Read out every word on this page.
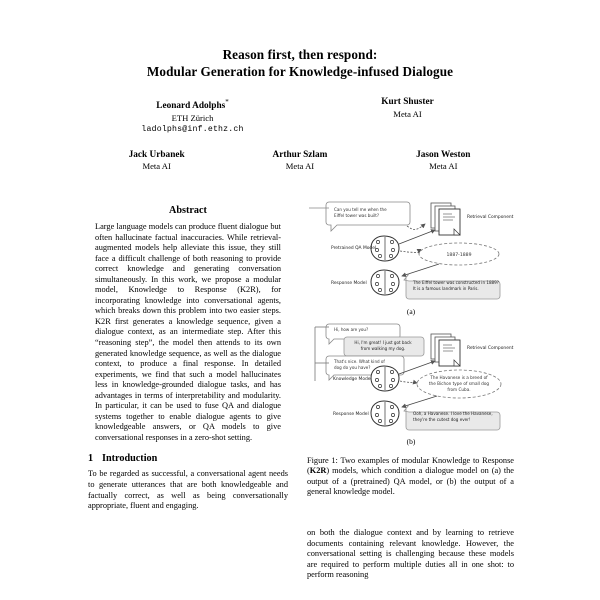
Reason first, then respond:
Modular Generation for Knowledge-infused Dialogue
Leonard Adolphs*
ETH Zürich
ladolphs@inf.ethz.ch
Kurt Shuster
Meta AI
Jack Urbanek
Meta AI
Arthur Szlam
Meta AI
Jason Weston
Meta AI
Abstract

Large language models can produce fluent dialogue but often hallucinate factual inaccuracies. While retrieval-augmented models help alleviate this issue, they still face a difficult challenge of both reasoning to provide correct knowledge and generating conversation simultaneously. In this work, we propose a modular model, Knowledge to Response (K2R), for incorporating knowledge into conversational agents, which breaks down this problem into two easier steps. K2R first generates a knowledge sequence, given a dialogue context, as an intermediate step. After this “reasoning step”, the model then attends to its own generated knowledge sequence, as well as the dialogue context, to produce a final response. In detailed experiments, we find that such a model hallucinates less in knowledge-grounded dialogue tasks, and has advantages in terms of interpretability and modularity. In particular, it can be used to fuse QA and dialogue systems together to enable dialogue agents to give knowledgeable answers, or QA models to give conversational responses in a zero-shot setting.

1 Introduction

To be regarded as successful, a conversational agent needs to generate utterances that are both knowledgeable and factually correct, as well as being conversationally appropriate, fluent and engaging.

Can you tell me when the
Eiffel tower was built?	Retrieval Component
Pretrained QA Model
1887-1889
Response Model	The Eiffel tower was constructed in 1889?
It is a famous landmark in Paris.
(a)
Hi, how are you?
Hi, I'm great! I just got back
from walking my dog.
That's nice. What kind of
dog do you have?
Retrieval Component
Knowledge Model	The Havanese is a breed of
the Bichon type of small dog
from Cuba.
Response Model	Ooh, a Havanese. I love the Havanese,
they're the cutest dog ever!
(b)
Figure 1: Two examples of modular Knowledge to Response (K2R) models, which condition a dialogue model on (a) the output of a (pretrained) QA model, or (b) the output of a general knowledge model.
on both the dialogue context and by learning to retrieve documents containing relevant knowledge. However, the conversational setting is challenging because these models are required to perform multiple duties all in one shot: to perform reasoning
